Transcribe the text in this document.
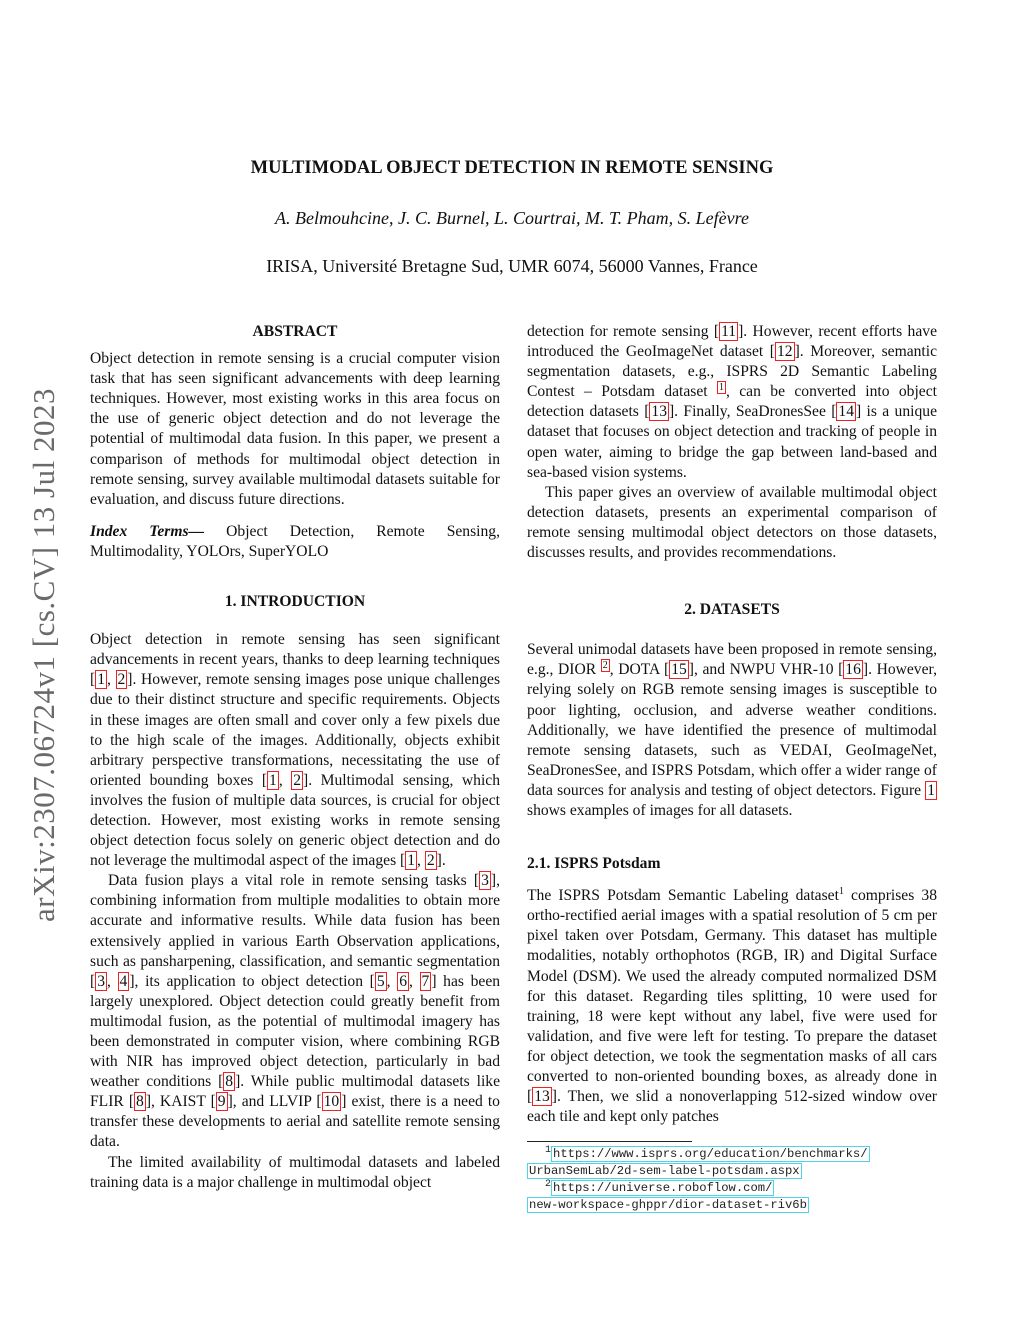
arXiv:2307.06724v1 [cs.CV] 13 Jul 2023
MULTIMODAL OBJECT DETECTION IN REMOTE SENSING
A. Belmouhcine, J. C. Burnel, L. Courtrai, M. T. Pham, S. Lefèvre
IRISA, Université Bretagne Sud, UMR 6074, 56000 Vannes, France
ABSTRACT

Object detection in remote sensing is a crucial computer vision task that has seen significant advancements with deep learning techniques. However, most existing works in this area focus on the use of generic object detection and do not leverage the potential of multimodal data fusion. In this paper, we present a comparison of methods for multimodal object detection in remote sensing, survey available multimodal datasets suitable for evaluation, and discuss future directions.

Index Terms— Object Detection, Remote Sensing, Multimodality, YOLOrs, SuperYOLO

1. INTRODUCTION

Object detection in remote sensing has seen significant advancements in recent years, thanks to deep learning techniques [ 1 , 2 ]. However, remote sensing images pose unique challenges due to their distinct structure and specific requirements. Objects in these images are often small and cover only a few pixels due to the high scale of the images. Additionally, objects exhibit arbitrary perspective transformations, necessitating the use of oriented bounding boxes [ 1 , 2 ]. Multimodal sensing, which involves the fusion of multiple data sources, is crucial for object detection. However, most existing works in remote sensing object detection focus solely on generic object detection and do not leverage the multimodal aspect of the images [ 1 , 2 ].

Data fusion plays a vital role in remote sensing tasks [ 3 ], combining information from multiple modalities to obtain more accurate and informative results. While data fusion has been extensively applied in various Earth Observation applications, such as pansharpening, classification, and semantic segmentation [ 3 , 4 ], its application to object detection [ 5 , 6 , 7 ] has been largely unexplored. Object detection could greatly benefit from multimodal fusion, as the potential of multimodal imagery has been demonstrated in computer vision, where combining RGB with NIR has improved object detection, particularly in bad weather conditions [ 8 ]. While public multimodal datasets like FLIR [ 8 ], KAIST [ 9 ], and LLVIP [ 10 ] exist, there is a need to transfer these developments to aerial and satellite remote sensing data.

The limited availability of multimodal datasets and labeled training data is a major challenge in multimodal object

detection for remote sensing [ 11 ]. However, recent efforts have introduced the GeoImageNet dataset [ 12 ]. Moreover, semantic segmentation datasets, e.g., ISPRS 2D Semantic Labeling Contest – Potsdam dataset $^1$ , can be converted into object detection datasets [ 13 ]. Finally, SeaDronesSee [ 14 ] is a unique dataset that focuses on object detection and tracking of people in open water, aiming to bridge the gap between land-based and sea-based vision systems.

This paper gives an overview of available multimodal object detection datasets, presents an experimental comparison of remote sensing multimodal object detectors on those datasets, discusses results, and provides recommendations.

2. DATASETS

Several unimodal datasets have been proposed in remote sensing, e.g., DIOR $^2$ , DOTA [ 15 ], and NWPU VHR-10 [ 16 ]. However, relying solely on RGB remote sensing images is susceptible to poor lighting, occlusion, and adverse weather conditions. Additionally, we have identified the presence of multimodal remote sensing datasets, such as VEDAI, GeoImageNet, SeaDronesSee, and ISPRS Potsdam, which offer a wider range of data sources for analysis and testing of object detectors. Figure 1 shows examples of images for all datasets.

2.1. ISPRS Potsdam

The ISPRS Potsdam Semantic Labeling dataset$^1$ comprises 38 ortho-rectified aerial images with a spatial resolution of 5 cm per pixel taken over Potsdam, Germany. This dataset has multiple modalities, notably orthophotos (RGB, IR) and Digital Surface Model (DSM). We used the already computed normalized DSM for this dataset. Regarding tiles splitting, 10 were used for training, 18 were kept without any label, five were used for validation, and five were left for testing. To prepare the dataset for object detection, we took the segmentation masks of all cars converted to non-oriented bounding boxes, as already done in [ 13 ]. Then, we slid a nonoverlapping 512-sized window over each tile and kept only patches

$^1$ https://www.isprs.org/education/benchmarks/
UrbanSemLab/2d-sem-label-potsdam.aspx
$^2$ https://universe.roboflow.com/
new-workspace-ghppr/dior-dataset-riv6b
